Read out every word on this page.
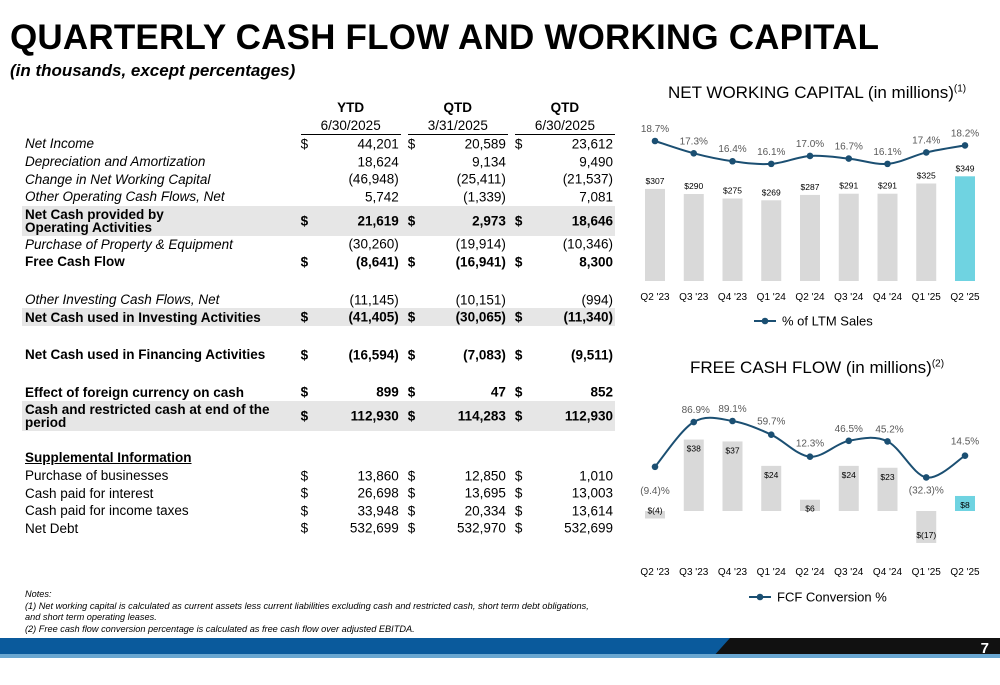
QUARTERLY CASH FLOW AND WORKING CAPITAL
(in thousands, except percentages)
YTD	QTD	QTD
6/30/2025	3/31/2025	6/30/2025
Net Income	$	44,201 $	20,589 $	23,612
Depreciation and Amortization	18,624	9,134	9,490
Change in Net Working Capital	(46,948)	(25,411)	(21,537)
Other Operating Cash Flows, Net	5,742	(1,339)	7,081
Net Cash provided by
Operating Activities	$	21,619 $	2,973 $	18,646
Purchase of Property & Equipment	(30,260)	(19,914)	(10,346)
Free Cash Flow	$	(8,641) $	(16,941) $	8,300
Other Investing Cash Flows, Net	(11,145)	(10,151)	(994)
Net Cash used in Investing Activities	$	(41,405) $	(30,065) $	(11,340)
Net Cash used in Financing Activities	$	(16,594) $	(7,083) $	(9,511)
Effect of foreign currency on cash	$	899 $	47 $	852
Cash and restricted cash at end of the
period	$	112,930 $	114,283 $	112,930
Supplemental Information
Purchase of businesses	$	13,860 $	12,850 $	1,010
Cash paid for interest	$	26,698 $	13,695 $	13,003
Cash paid for income taxes	$	33,948 $	20,334 $	13,614
Net Debt	$	532,699 $	532,970 $	532,699
NET WORKING CAPITAL (in millions)$^{(1)}$
$307
$290 $275 $269
$287 $291 $291
$325
$349
18.7%
17.3%
16.4% 16.1%
17.0% 16.7% 16.1%
17.4%
18.2%
Q2 '23 Q3 '23 Q4 '23 Q1 '24 Q2 '24 Q3 '24 Q4 '24 Q1 '25 Q2 '25
% of LTM Sales
FREE CASH FLOW (in millions)$^{(2)}$
$(4)
$38	$37
$24
$6
$24	$23
$(17)
$8
(9.4)%
86.9% 89.1%
59.7%
12.3%
46.5% 45.2%
(32.3)%
14.5%
Q2 '23 Q3 '23 Q4 '23 Q1 '24 Q2 '24 Q3 '24 Q4 '24 Q1 '25 Q2 '25
FCF Conversion %
Notes:
(1) Net working capital is calculated as current assets less current liabilities excluding cash and restricted cash, short term debt obligations, and short term operating leases.
(2) Free cash flow conversion percentage is calculated as free cash flow over adjusted EBITDA.
7
